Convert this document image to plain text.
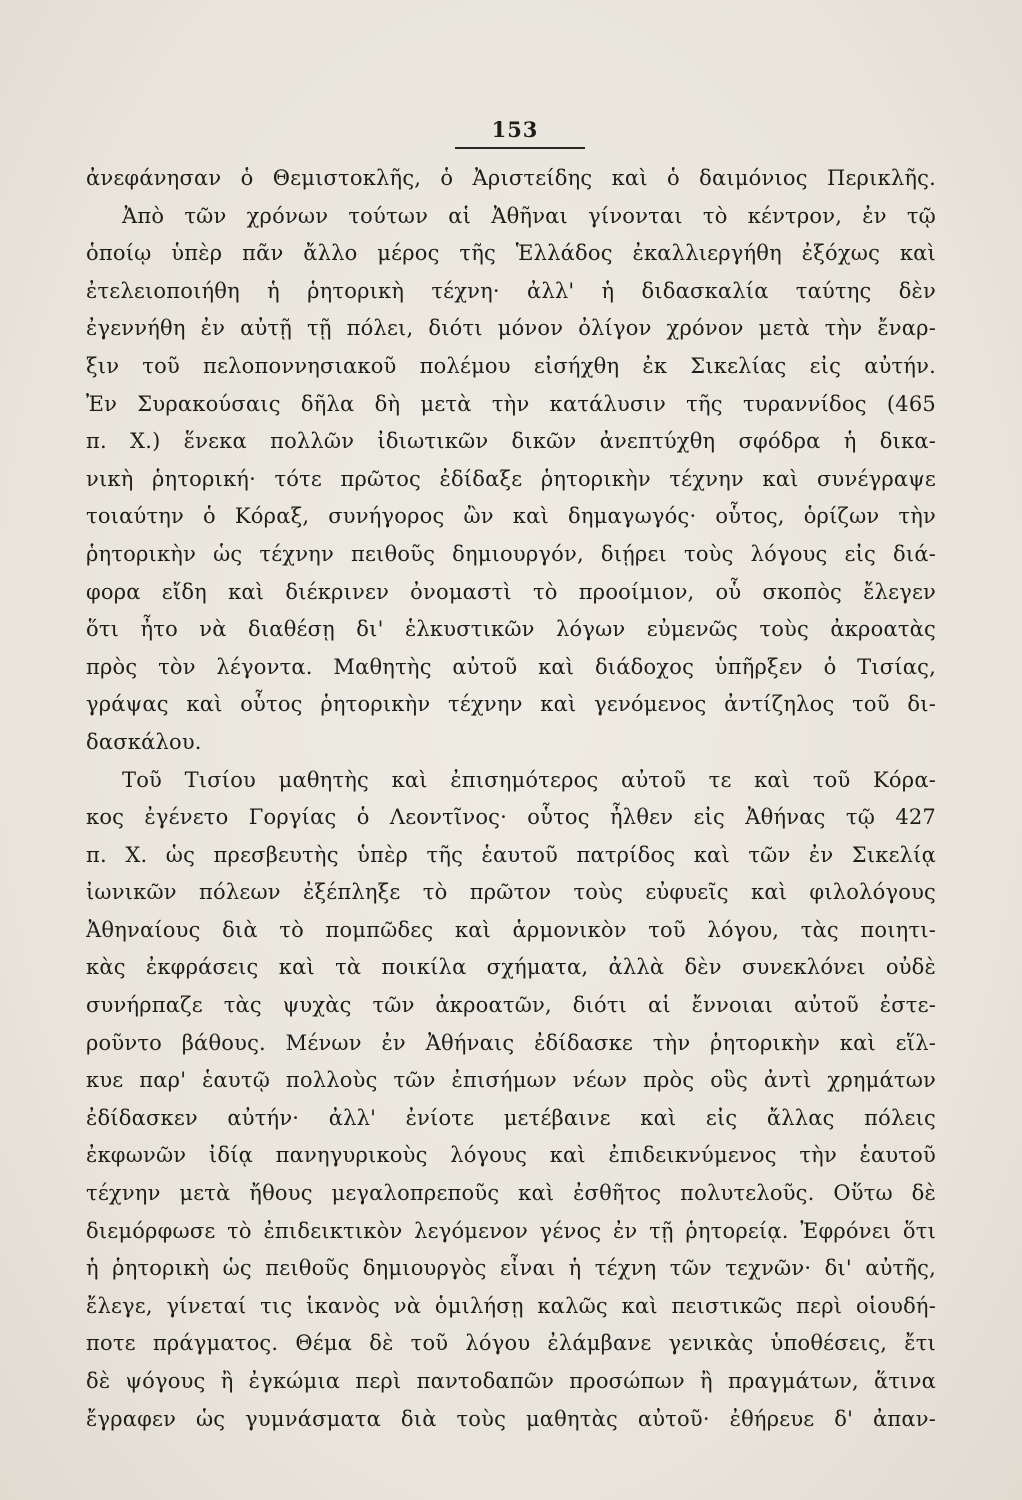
153
ἀνεφάνησαν ὁ Θεμιστοκλῆς, ὁ Ἀριστείδης καὶ ὁ δαιμόνιος Περικλῆς.
Ἀπὸ τῶν χρόνων τούτων αἱ Ἀθῆναι γίνονται τὸ κέντρον, ἐν τῷ
ὁποίῳ ὑπὲρ πᾶν ἄλλο μέρος τῆς Ἑλλάδος ἐκαλλιεργήθη ἐξόχως καὶ
ἐτελειοποιήθη ἡ ῥητορικὴ τέχνη· ἀλλ' ἡ διδασκαλία ταύτης δὲν
ἐγεννήθη ἐν αὐτῇ τῇ πόλει, διότι μόνον ὀλίγον χρόνον μετὰ τὴν ἔναρ-
ξιν τοῦ πελοποννησιακοῦ πολέμου εἰσήχθη ἐκ Σικελίας εἰς αὐτήν.
Ἐν Συρακούσαις δῆλα δὴ μετὰ τὴν κατάλυσιν τῆς τυραννίδος (465
π. Χ.) ἕνεκα πολλῶν ἰδιωτικῶν δικῶν ἀνεπτύχθη σφόδρα ἡ δικα-
νικὴ ῥητορική· τότε πρῶτος ἐδίδαξε ῥητορικὴν τέχνην καὶ συνέγραψε
τοιαύτην ὁ Κόραξ, συνήγορος ὢν καὶ δημαγωγός· οὗτος, ὁρίζων τὴν
ῥητορικὴν ὡς τέχνην πειθοῦς δημιουργόν, διῄρει τοὺς λόγους εἰς διά-
φορα εἴδη καὶ διέκρινεν ὀνομαστὶ τὸ προοίμιον, οὗ σκοπὸς ἔλεγεν
ὅτι ἦτο νὰ διαθέσῃ δι' ἑλκυστικῶν λόγων εὐμενῶς τοὺς ἀκροατὰς
πρὸς τὸν λέγοντα. Μαθητὴς αὐτοῦ καὶ διάδοχος ὑπῆρξεν ὁ Τισίας,
γράψας καὶ οὗτος ῥητορικὴν τέχνην καὶ γενόμενος ἀντίζηλος τοῦ δι-
δασκάλου.
Τοῦ Τισίου μαθητὴς καὶ ἐπισημότερος αὐτοῦ τε καὶ τοῦ Κόρα-
κος ἐγένετο Γοργίας ὁ Λεοντῖνος· οὗτος ἦλθεν εἰς Ἀθήνας τῷ 427
π. Χ. ὡς πρεσβευτὴς ὑπὲρ τῆς ἑαυτοῦ πατρίδος καὶ τῶν ἐν Σικελίᾳ
ἰωνικῶν πόλεων ἐξέπληξε τὸ πρῶτον τοὺς εὐφυεῖς καὶ φιλολόγους
Ἀθηναίους διὰ τὸ πομπῶδες καὶ ἁρμονικὸν τοῦ λόγου, τὰς ποιητι-
κὰς ἐκφράσεις καὶ τὰ ποικίλα σχήματα, ἀλλὰ δὲν συνεκλόνει οὐδὲ
συνήρπαζε τὰς ψυχὰς τῶν ἀκροατῶν, διότι αἱ ἔννοιαι αὐτοῦ ἐστε-
ροῦντο βάθους. Μένων ἐν Ἀθήναις ἐδίδασκε τὴν ῥητορικὴν καὶ εἵλ-
κυε παρ' ἑαυτῷ πολλοὺς τῶν ἐπισήμων νέων πρὸς οὓς ἀντὶ χρημάτων
ἐδίδασκεν αὐτήν· ἀλλ' ἐνίοτε μετέβαινε καὶ εἰς ἄλλας πόλεις
ἐκφωνῶν ἰδίᾳ πανηγυρικοὺς λόγους καὶ ἐπιδεικνύμενος τὴν ἑαυτοῦ
τέχνην μετὰ ἤθους μεγαλοπρεποῦς καὶ ἐσθῆτος πολυτελοῦς. Οὕτω δὲ
διεμόρφωσε τὸ ἐπιδεικτικὸν λεγόμενον γένος ἐν τῇ ῥητορείᾳ. Ἐφρόνει ὅτι
ἡ ῥητορικὴ ὡς πειθοῦς δημιουργὸς εἶναι ἡ τέχνη τῶν τεχνῶν· δι' αὐτῆς,
ἔλεγε, γίνεταί τις ἱκανὸς νὰ ὁμιλήσῃ καλῶς καὶ πειστικῶς περὶ οἱουδή-
ποτε πράγματος. Θέμα δὲ τοῦ λόγου ἐλάμβανε γενικὰς ὑποθέσεις, ἔτι
δὲ ψόγους ἢ ἐγκώμια περὶ παντοδαπῶν προσώπων ἢ πραγμάτων, ἅτινα
ἔγραφεν ὡς γυμνάσματα διὰ τοὺς μαθητὰς αὐτοῦ· ἐθήρευε δ' ἀπαν-
